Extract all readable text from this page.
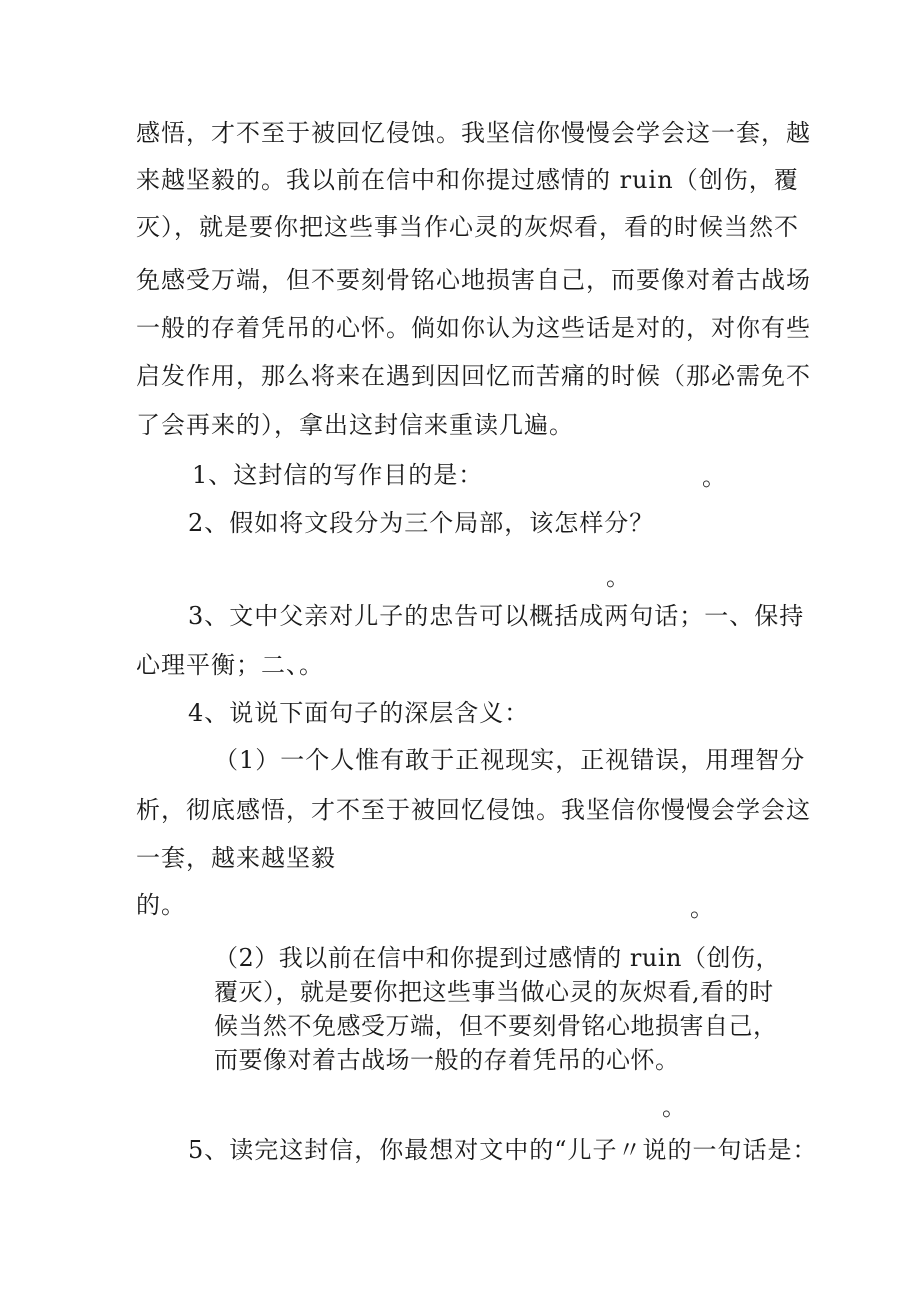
感悟，才不至于被回忆侵蚀。我坚信你慢慢会学会这一套，越
来越坚毅的。我以前在信中和你提过感情的 ruin（创伤，覆
灭），就是要你把这些事当作心灵的灰烬看，看的时候当然不
免感受万端，但不要刻骨铭心地损害自己，而要像对着古战场
一般的存着凭吊的心怀。倘如你认为这些话是对的，对你有些
启发作用，那么将来在遇到因回忆而苦痛的时候（那必需免不
了会再来的），拿出这封信来重读几遍。
1、这封信的写作目的是：	。
2、假如将文段分为三个局部，该怎样分？
。
3、文中父亲对儿子的忠告可以概括成两句话；一、保持
心理平衡；二、。
4、说说下面句子的深层含义：
（1）一个人惟有敢于正视现实，正视错误，用理智分
析，彻底感悟，才不至于被回忆侵蚀。我坚信你慢慢会学会这
一套，越来越坚毅
的。	。
（2）我以前在信中和你提到过感情的 ruin（创伤，
覆灭），就是要你把这些事当做心灵的灰烬看,看的时
候当然不免感受万端，但不要刻骨铭心地损害自己，
而要像对着古战场一般的存着凭吊的心怀。
。
5、读完这封信，你最想对文中的“儿子〃说的一句话是：
